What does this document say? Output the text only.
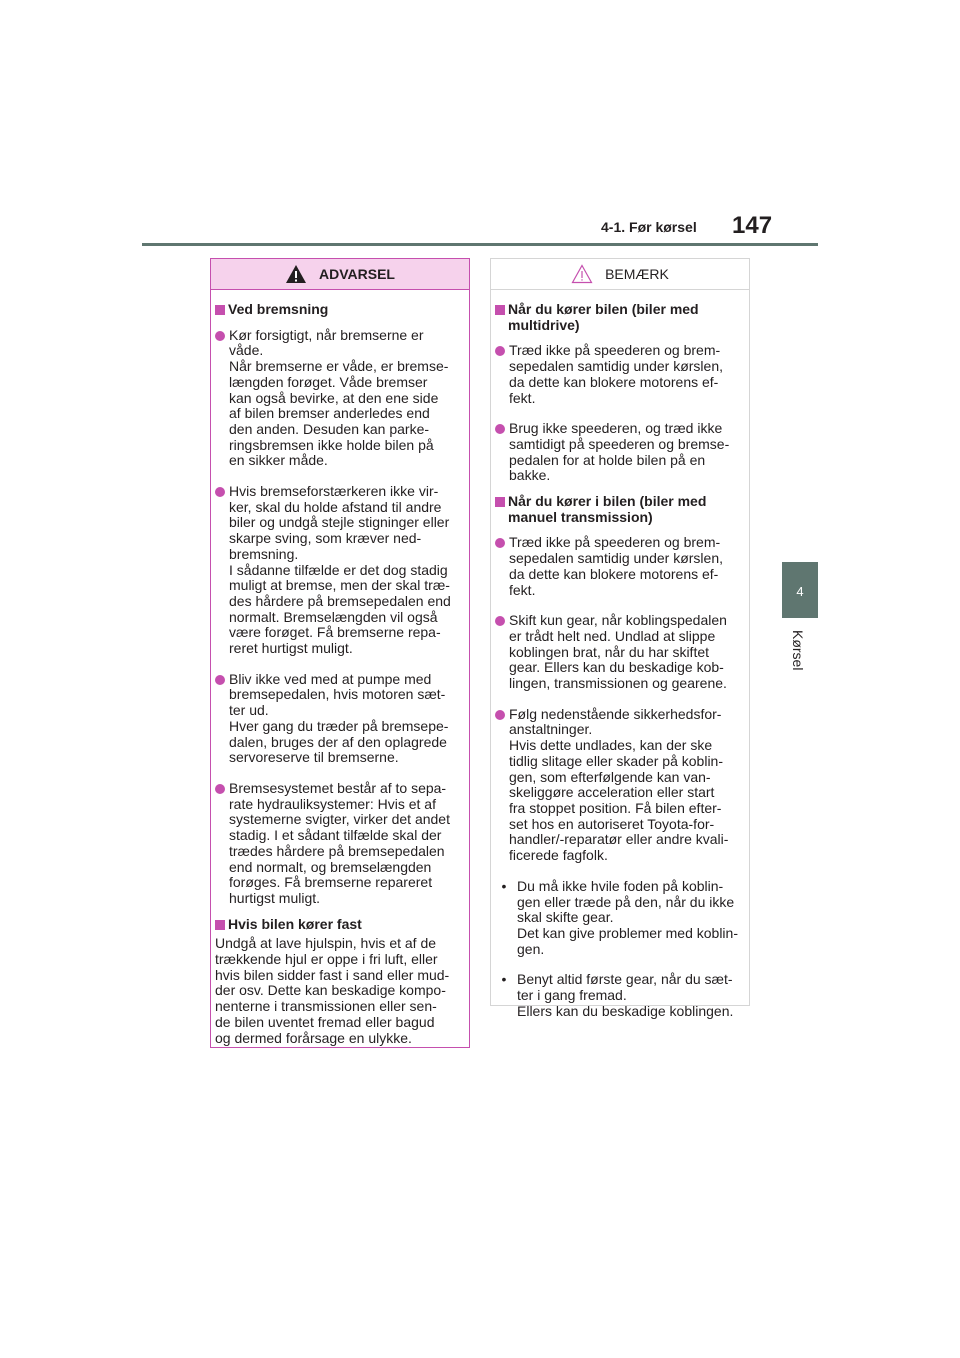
4-1. Før kørsel 147
4
Kørsel
ADVARSEL
Ved bremsning
Kør forsigtigt, når bremserne er
våde.
Når bremserne er våde, er bremse-
længden forøget. Våde bremser
kan også bevirke, at den ene side
af bilen bremser anderledes end
den anden. Desuden kan parke-
ringsbremsen ikke holde bilen på
en sikker måde.
Hvis bremseforstærkeren ikke vir-
ker, skal du holde afstand til andre
biler og undgå stejle stigninger eller
skarpe sving, som kræver ned-
bremsning.
I sådanne tilfælde er det dog stadig
muligt at bremse, men der skal træ-
des hårdere på bremsepedalen end
normalt. Bremselængden vil også
være forøget. Få bremserne repa-
reret hurtigst muligt.
Bliv ikke ved med at pumpe med
bremsepedalen, hvis motoren sæt-
ter ud.
Hver gang du træder på bremsepe-
dalen, bruges der af den oplagrede
servoreserve til bremserne.
Bremsesystemet består af to sepa-
rate hydrauliksystemer: Hvis et af
systemerne svigter, virker det andet
stadig. I et sådant tilfælde skal der
trædes hårdere på bremsepedalen
end normalt, og bremselængden
forøges. Få bremserne repareret
hurtigst muligt.
Hvis bilen kører fast
Undgå at lave hjulspin, hvis et af de
trækkende hjul er oppe i fri luft, eller
hvis bilen sidder fast i sand eller mud-
der osv. Dette kan beskadige kompo-
nenterne i transmissionen eller sen-
de bilen uventet fremad eller bagud
og dermed forårsage en ulykke.
BEMÆRK
Når du kører bilen (biler med
multidrive)
Træd ikke på speederen og brem-
sepedalen samtidig under kørslen,
da dette kan blokere motorens ef-
fekt.
Brug ikke speederen, og træd ikke
samtidigt på speederen og bremse-
pedalen for at holde bilen på en
bakke.
Når du kører i bilen (biler med
manuel transmission)
Træd ikke på speederen og brem-
sepedalen samtidig under kørslen,
da dette kan blokere motorens ef-
fekt.
Skift kun gear, når koblingspedalen
er trådt helt ned. Undlad at slippe
koblingen brat, når du har skiftet
gear. Ellers kan du beskadige kob-
lingen, transmissionen og gearene.
Følg nedenstående sikkerhedsfor-
anstaltninger.
Hvis dette undlades, kan der ske
tidlig slitage eller skader på koblin-
gen, som efterfølgende kan van-
skeliggøre acceleration eller start
fra stoppet position. Få bilen efter-
set hos en autoriseret Toyota-for-
handler/-reparatør eller andre kvali-
ficerede fagfolk.
• Du må ikke hvile foden på koblin-
gen eller træde på den, når du ikke
skal skifte gear.
Det kan give problemer med koblin-
gen.
• Benyt altid første gear, når du sæt-
ter i gang fremad.
Ellers kan du beskadige koblingen.
